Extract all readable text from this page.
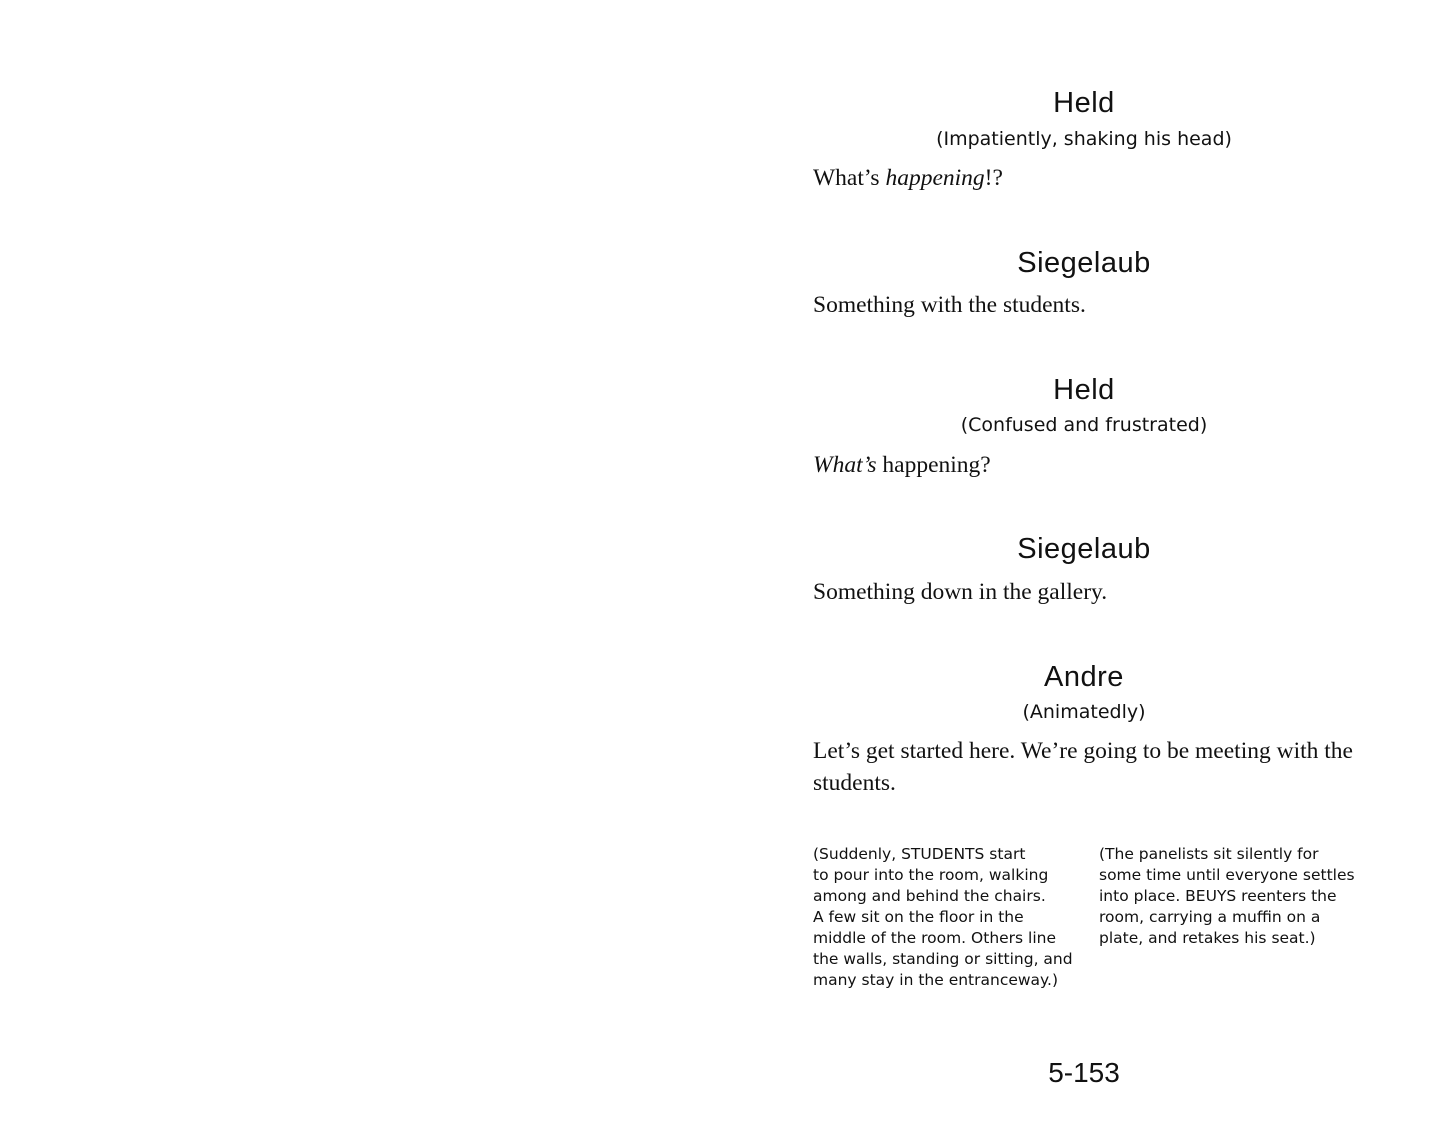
Held
(Impatiently, shaking his head)
What’s happening!?
Siegelaub
Something with the students.
Held
(Confused and frustrated)
What’s happening?
Siegelaub
Something down in the gallery.
Andre
(Animatedly)
Let’s get started here. We’re going to be meeting with the students.
(Suddenly, STUDENTS start
to pour into the room, walking
among and behind the chairs.
A few sit on the floor in the
middle of the room. Others line
the walls, standing or sitting, and
many stay in the entranceway.)
(The panelists sit silently for
some time until everyone settles
into place. BEUYS reenters the
room, carrying a muffin on a
plate, and retakes his seat.)
5-153
